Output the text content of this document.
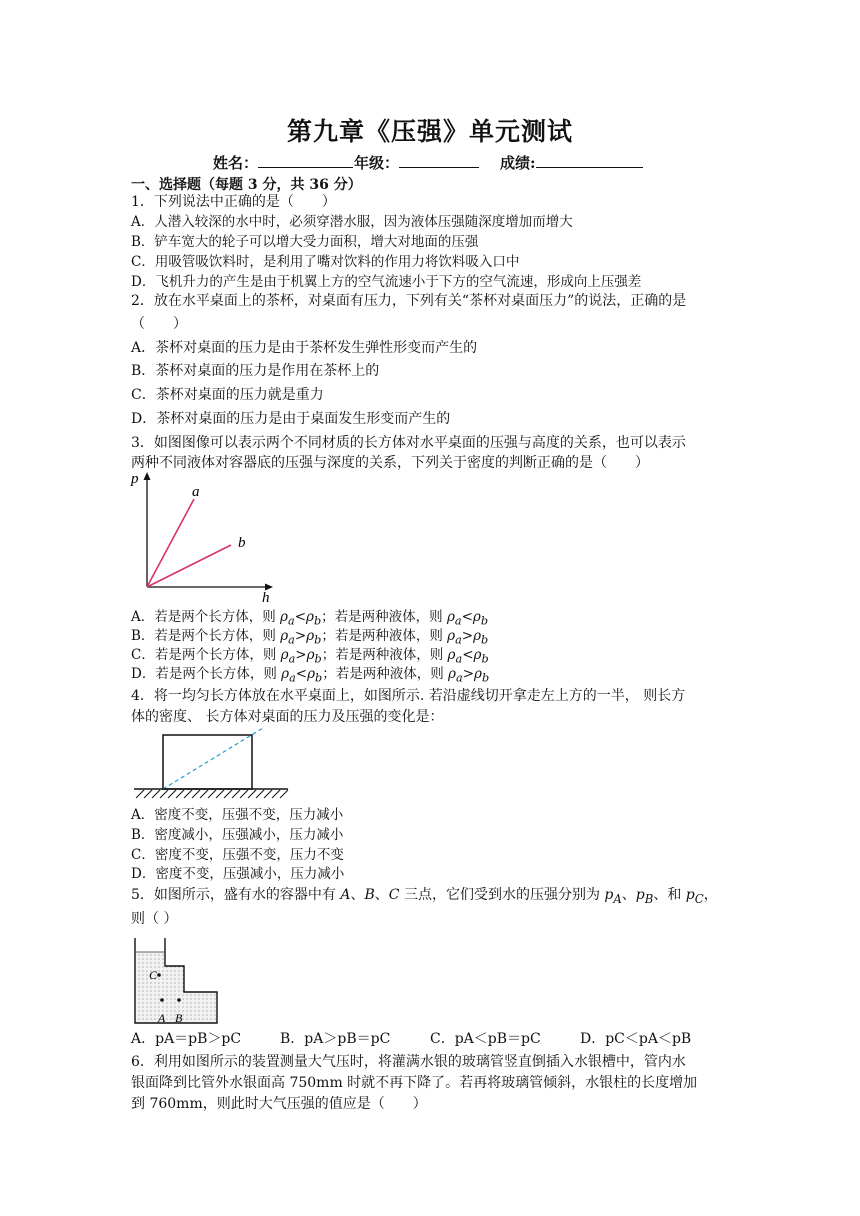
第九章《压强》单元测试
姓名：	年级：	成绩:
一、选择题（每题 3 分，共 36 分）
1．下列说法中正确的是（　　）
A．人潜入较深的水中时，必须穿潜水服，因为液体压强随深度增加而增大
B．铲车宽大的轮子可以增大受力面积，增大对地面的压强
C．用吸管吸饮料时，是利用了嘴对饮料的作用力将饮料吸入口中
D．飞机升力的产生是由于机翼上方的空气流速小于下方的空气流速，形成向上压强差
2．放在水平桌面上的茶杯，对桌面有压力，下列有关“茶杯对桌面压力”的说法，正确的是
（　　）
A．茶杯对桌面的压力是由于茶杯发生弹性形变而产生的
B．茶杯对桌面的压力是作用在茶杯上的
C．茶杯对桌面的压力就是重力
D．茶杯对桌面的压力是由于桌面发生形变而产生的
3．如图图像可以表示两个不同材质的长方体对水平桌面的压强与高度的关系，也可以表示
两种不同液体对容器底的压强与深度的关系，下列关于密度的判断正确的是（　　）
p
h
a
b
A．若是两个长方体，则 $\rho_a<\rho_b$；若是两种液体，则 $\rho_a<\rho_b$
B．若是两个长方体，则 $\rho_a>\rho_b$；若是两种液体，则 $\rho_a>\rho_b$
C．若是两个长方体，则 $\rho_a>\rho_b$；若是两种液体，则 $\rho_a<\rho_b$
D．若是两个长方体，则 $\rho_a<\rho_b$；若是两种液体，则 $\rho_a>\rho_b$
4．将一均匀长方体放在水平桌面上，如图所示. 若沿虚线切开拿走左上方的一半， 则长方
体的密度、 长方体对桌面的压力及压强的变化是：
A．密度不变，压强不变，压力减小
B．密度减小，压强减小，压力减小
C．密度不变，压强不变，压力不变
D．密度不变，压强减小，压力减小
5．如图所示，盛有水的容器中有 A、B、C 三点，它们受到水的压强分别为 $p_A$、$p_B$、和 $p_C$，
则（ ）
C
A B
A．pA＝pB＞pC	B．pA＞pB＝pC	C．pA＜pB＝pC	D．pC＜pA＜pB
6．利用如图所示的装置测量大气压时，将灌满水银的玻璃管竖直倒插入水银槽中，管内水
银面降到比管外水银面高 750mm 时就不再下降了。若再将玻璃管倾斜，水银柱的长度增加
到 760mm，则此时大气压强的值应是（　　）
